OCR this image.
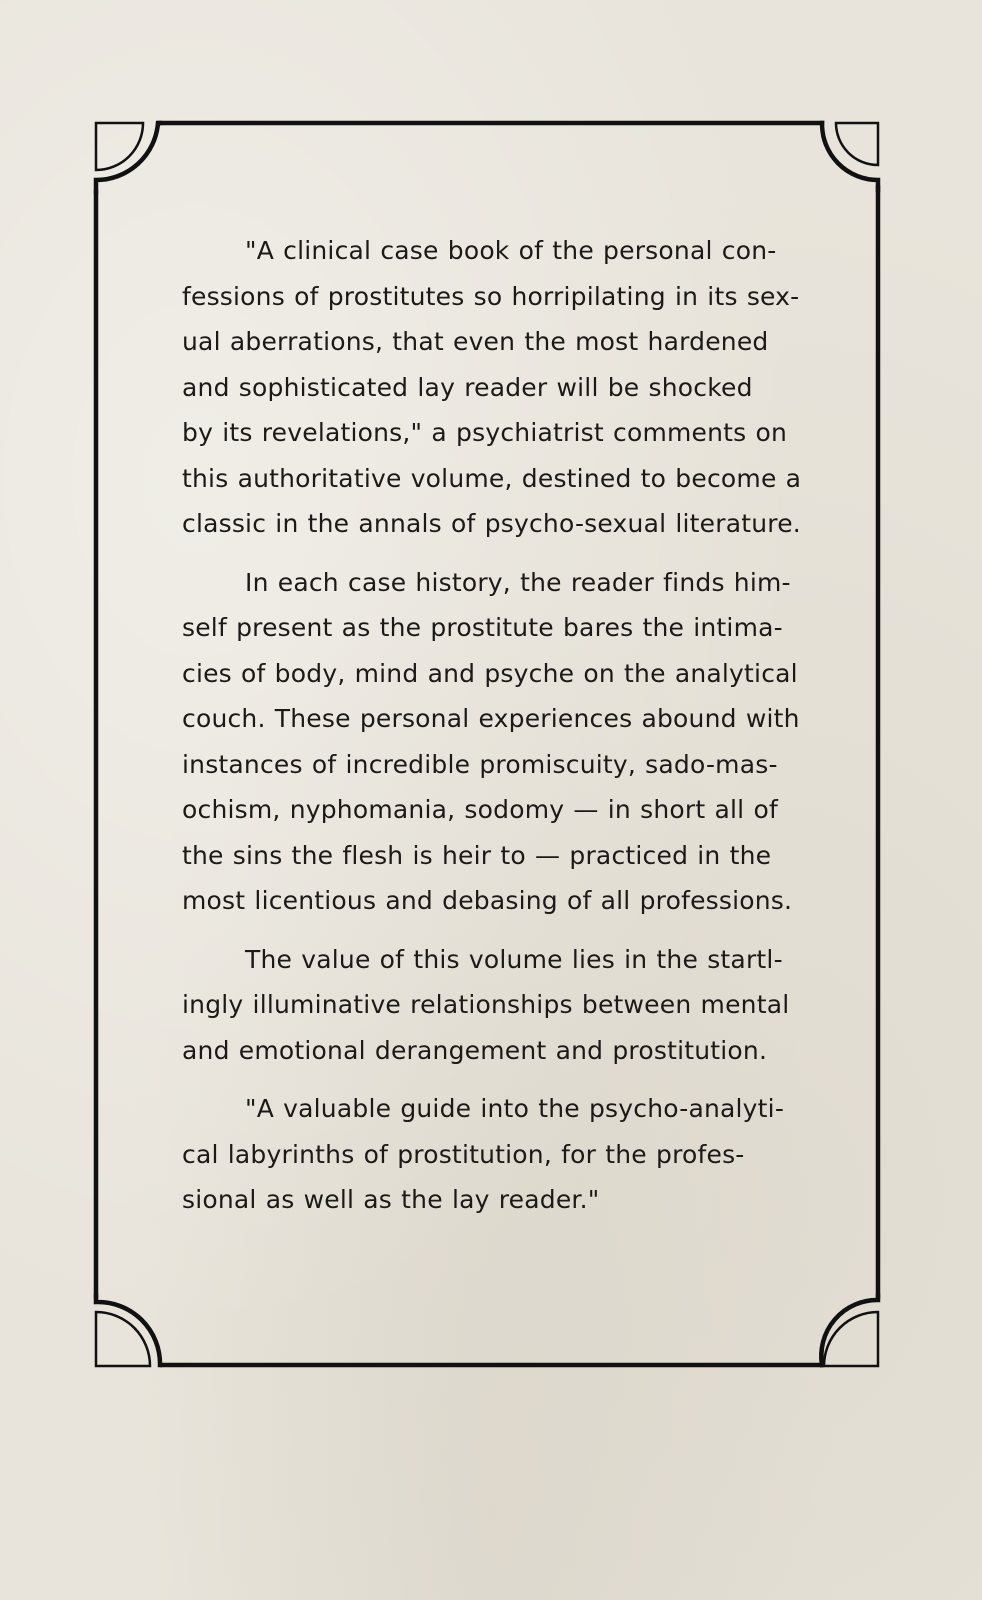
"A clinical case book of the personal con-
fessions of prostitutes so horripilating in its sex-
ual aberrations, that even the most hardened
and sophisticated lay reader will be shocked
by its revelations," a psychiatrist comments on
this authoritative volume, destined to become a
classic in the annals of psycho-sexual literature.
In each case history, the reader finds him-
self present as the prostitute bares the intima-
cies of body, mind and psyche on the analytical
couch. These personal experiences abound with
instances of incredible promiscuity, sado-mas-
ochism, nyphomania, sodomy — in short all of
the sins the flesh is heir to — practiced in the
most licentious and debasing of all professions.
The value of this volume lies in the startl-
ingly illuminative relationships between mental
and emotional derangement and prostitution.
"A valuable guide into the psycho-analyti-
cal labyrinths of prostitution, for the profes-
sional as well as the lay reader."
